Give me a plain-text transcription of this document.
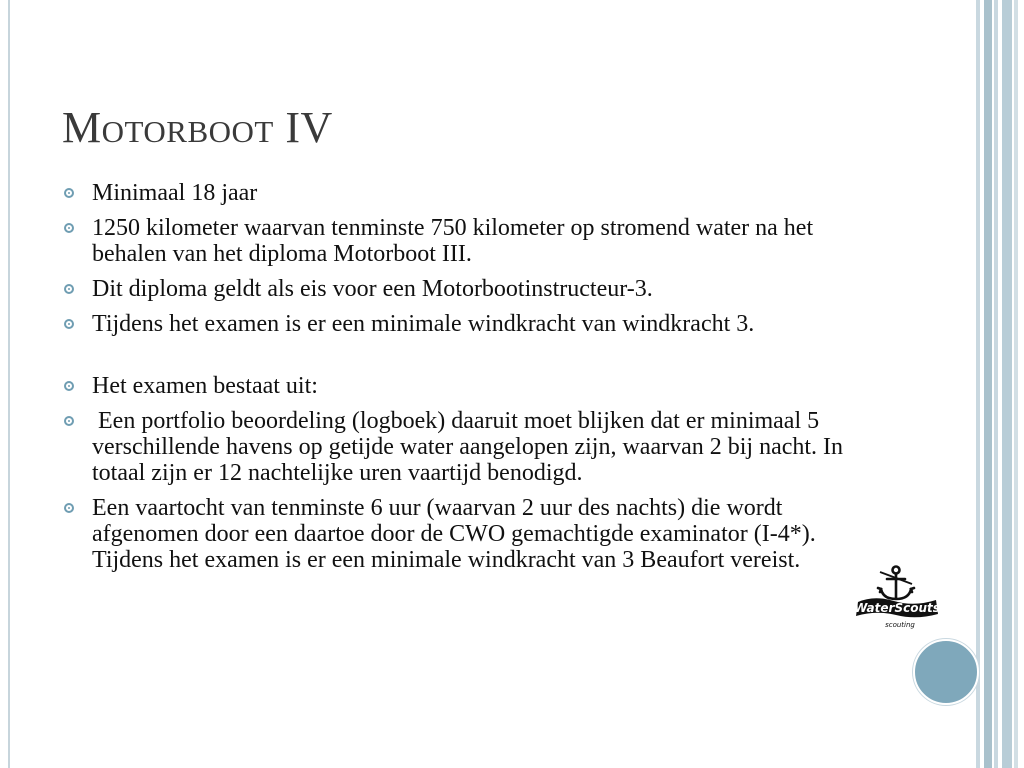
Motorboot IV
Minimaal 18 jaar
1250 kilometer waarvan tenminste 750 kilometer op stromend water na het behalen van het diploma Motorboot III.
Dit diploma geldt als eis voor een Motorbootinstructeur-3.
Tijdens het examen is er een minimale windkracht van windkracht 3.
Het examen bestaat uit:
Een portfolio beoordeling (logboek) daaruit moet blijken dat er minimaal 5 verschillende havens op getijde water aangelopen zijn, waarvan 2 bij nacht. In totaal zijn er 12 nachtelijke uren vaartijd benodigd.
Een vaartocht van tenminste 6 uur (waarvan 2 uur des nachts) die wordt afgenomen door een daartoe door de CWO gemachtigde examinator (I-4*). Tijdens het examen is er een minimale windkracht van 3 Beaufort vereist.
WaterScouts
scouting
